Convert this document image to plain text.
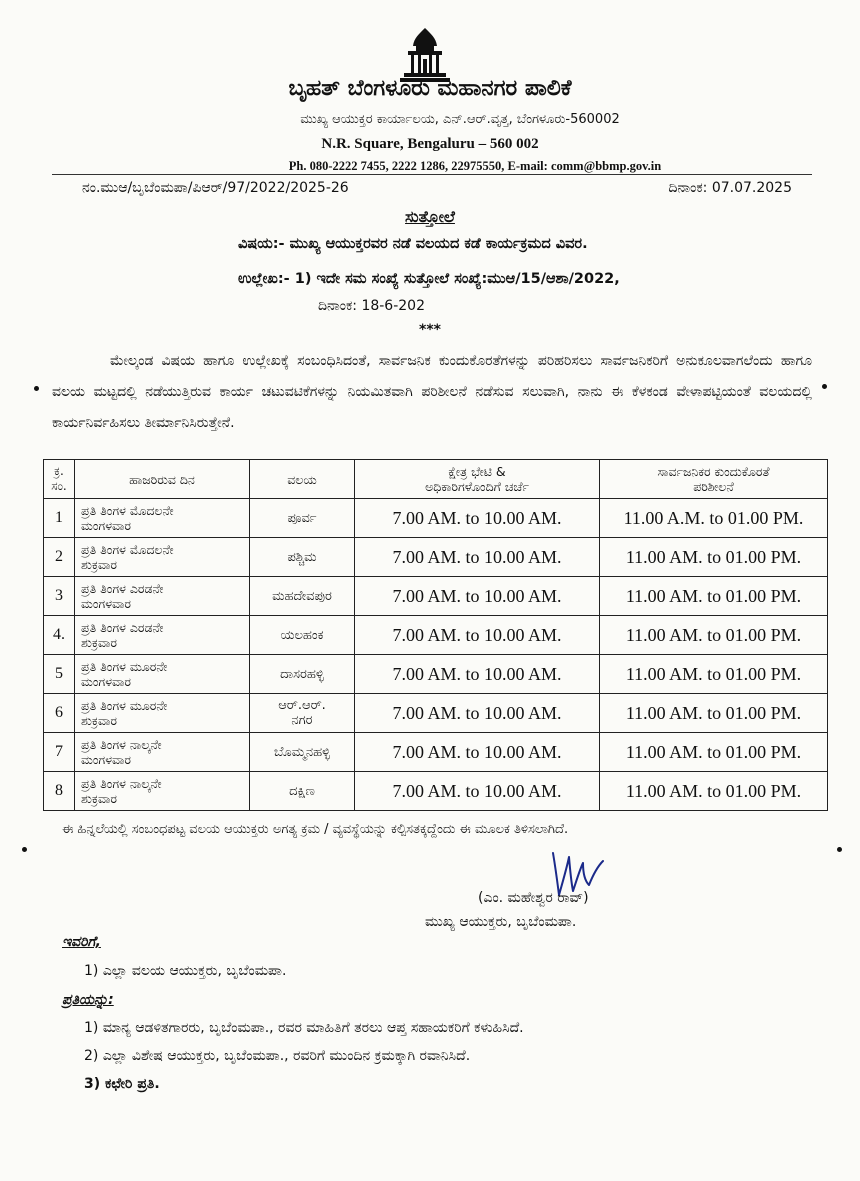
ಬೃಹತ್ ಬೆಂಗಳೂರು ಮಹಾನಗರ ಪಾಲಿಕೆ
ಮುಖ್ಯ ಆಯುಕ್ತರ ಕಾರ್ಯಾಲಯ, ಎನ್.ಆರ್.ವೃತ್ತ, ಬೆಂಗಳೂರು-560002
N.R. Square, Bengaluru – 560 002
Ph. 080-2222 7455, 2222 1286, 22975550, E-mail: comm@bbmp.gov.in
ನಂ.ಮುಆ/ಬೃಬೆಂಮಪಾ/ಪಿಆರ್/97/2022/2025-26	ದಿನಾಂಕ: 07.07.2025
ಸುತ್ತೋಲೆ
ವಿಷಯ:- ಮುಖ್ಯ ಆಯುಕ್ತರವರ ನಡೆ ವಲಯದ ಕಡೆ ಕಾರ್ಯಕ್ರಮದ ವಿವರ.
ಉಲ್ಲೇಖ:- 1) ಇದೇ ಸಮ ಸಂಖ್ಯೆ ಸುತ್ತೋಲೆ ಸಂಖ್ಯೆ:ಮುಆ/15/ಆಶಾ/2022,
ದಿನಾಂಕ: 18-6-202
***
ಮೇಲ್ಕಂಡ ವಿಷಯ ಹಾಗೂ ಉಲ್ಲೇಖಕ್ಕೆ ಸಂಬಂಧಿಸಿದಂತೆ, ಸಾರ್ವಜನಿಕ ಕುಂದುಕೊರತೆಗಳನ್ನು ಪರಿಹರಿಸಲು ಸಾರ್ವಜನಿಕರಿಗೆ ಅನುಕೂಲವಾಗಲೆಂದು ಹಾಗೂ ವಲಯ ಮಟ್ಟದಲ್ಲಿ ನಡೆಯುತ್ತಿರುವ ಕಾರ್ಯ ಚಟುವಟಿಕೆಗಳನ್ನು ನಿಯಮಿತವಾಗಿ ಪರಿಶೀಲನೆ ನಡೆಸುವ ಸಲುವಾಗಿ, ನಾನು ಈ ಕೆಳಕಂಡ ವೇಳಾಪಟ್ಟಿಯಂತೆ ವಲಯದಲ್ಲಿ ಕಾರ್ಯನಿರ್ವಹಿಸಲು ತೀರ್ಮಾನಿಸಿರುತ್ತೇನೆ.
ಕ್ರ.
ಸಂ.	ಹಾಜರಿರುವ ದಿನ	ವಲಯ	ಕ್ಷೇತ್ರ ಭೇಟಿ &
ಅಧಿಕಾರಿಗಳೊಂದಿಗೆ ಚರ್ಚೆ	ಸಾರ್ವಜನಿಕರ ಕುಂದುಕೊರತೆ
ಪರಿಶೀಲನೆ
1	ಪ್ರತಿ ತಿಂಗಳ ಮೊದಲನೇ
ಮಂಗಳವಾರ	ಪೂರ್ವ	7.00 AM. to 10.00 AM.	11.00 A.M. to 01.00 PM.
2	ಪ್ರತಿ ತಿಂಗಳ ಮೊದಲನೇ
ಶುಕ್ರವಾರ	ಪಶ್ಚಿಮ	7.00 AM. to 10.00 AM.	11.00 AM. to 01.00 PM.
3	ಪ್ರತಿ ತಿಂಗಳ ಎರಡನೇ
ಮಂಗಳವಾರ	ಮಹದೇವಪುರ	7.00 AM. to 10.00 AM.	11.00 AM. to 01.00 PM.
4.	ಪ್ರತಿ ತಿಂಗಳ ಎರಡನೇ
ಶುಕ್ರವಾರ	ಯಲಹಂಕ	7.00 AM. to 10.00 AM.	11.00 AM. to 01.00 PM.
5	ಪ್ರತಿ ತಿಂಗಳ ಮೂರನೇ
ಮಂಗಳವಾರ	ದಾಸರಹಳ್ಳಿ	7.00 AM. to 10.00 AM.	11.00 AM. to 01.00 PM.
6	ಪ್ರತಿ ತಿಂಗಳ ಮೂರನೇ
ಶುಕ್ರವಾರ	ಆರ್.ಆರ್.
ನಗರ	7.00 AM. to 10.00 AM.	11.00 AM. to 01.00 PM.
7	ಪ್ರತಿ ತಿಂಗಳ ನಾಲ್ಕನೇ
ಮಂಗಳವಾರ	ಬೊಮ್ಮನಹಳ್ಳಿ	7.00 AM. to 10.00 AM.	11.00 AM. to 01.00 PM.
8	ಪ್ರತಿ ತಿಂಗಳ ನಾಲ್ಕನೇ
ಶುಕ್ರವಾರ	ದಕ್ಷಿಣ	7.00 AM. to 10.00 AM.	11.00 AM. to 01.00 PM.
ಈ ಹಿನ್ನಲೆಯಲ್ಲಿ ಸಂಬಂಧಪಟ್ಟ ವಲಯ ಆಯುಕ್ತರು ಅಗತ್ಯ ಕ್ರಮ / ವ್ಯವಸ್ಥೆಯನ್ನು ಕಲ್ಪಿಸತಕ್ಕದ್ದೆಂದು ಈ ಮೂಲಕ ತಿಳಿಸಲಾಗಿದೆ.
(ಎಂ. ಮಹೇಶ್ವರ ರಾವ್)
ಮುಖ್ಯ ಆಯುಕ್ತರು, ಬೃಬೆಂಮಪಾ.
ಇವರಿಗೆ,
1) ಎಲ್ಲಾ ವಲಯ ಆಯುಕ್ತರು, ಬೃಬೆಂಮಪಾ.
ಪ್ರತಿಯನ್ನು:
1) ಮಾನ್ಯ ಆಡಳಿತಗಾರರು, ಬೃಬೆಂಮಪಾ., ರವರ ಮಾಹಿತಿಗೆ ತರಲು ಆಪ್ತ ಸಹಾಯಕರಿಗೆ ಕಳುಹಿಸಿದೆ.
2) ಎಲ್ಲಾ ವಿಶೇಷ ಆಯುಕ್ತರು, ಬೃಬೆಂಮಪಾ., ರವರಿಗೆ ಮುಂದಿನ ಕ್ರಮಕ್ಕಾಗಿ ರವಾನಿಸಿದೆ.
3) ಕಛೇರಿ ಪ್ರತಿ.
